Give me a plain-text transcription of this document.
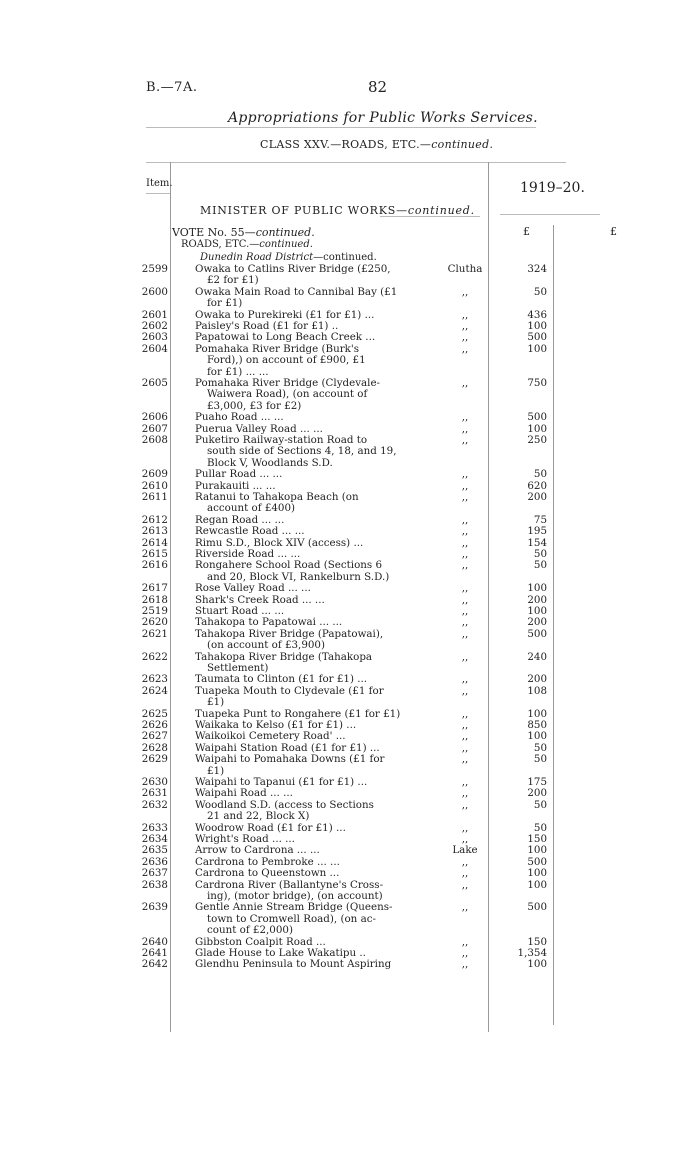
B.—7A.	82
Appropriations for Public Works Services.
CLASS XXV.—ROADS, ETC.—continued.
Item.	1919–20.
MINISTER OF PUBLIC WORKS—continued.
£	£
VOTE No. 55—continued.
ROADS, ETC.—continued.
Dunedin Road District—continued.
2599	Owaka to Catlins River Bridge (£250,
£2 for £1)
Clutha	324
2600	Owaka Main Road to Cannibal Bay (£1
for £1)
,,	50
2601	Owaka to Purekireki (£1 for £1) ...	,,	436
2602	Paisley's Road (£1 for £1) ..	,,	100
2603	Papatowai to Long Beach Creek ...	,,	500
2604	Pomahaka River Bridge (Burk's
Ford),) on account of £900, £1
for £1) ... ...
,,	100
2605	Pomahaka River Bridge (Clydevale-
Waiwera Road), (on account of
£3,000, £3 for £2)
,,	750
2606	Puaho Road ... ...	,,	500
2607	Puerua Valley Road ... ...	,,	100
2608	Puketiro Railway-station Road to
south side of Sections 4, 18, and 19,
Block V, Woodlands S.D.
,,	250
2609	Pullar Road ... ...	,,	50
2610	Purakauiti ... ...	,,	620
2611	Ratanui to Tahakopa Beach (on
account of £400)
,,	200
2612	Regan Road ... ...	,,	75
2613	Rewcastle Road ... ...	,,	195
2614	Rimu S.D., Block XIV (access) ...	,,	154
2615	Riverside Road ... ...	,,	50
2616	Rongahere School Road (Sections 6
and 20, Block VI, Rankelburn S.D.)
,,	50
2617	Rose Valley Road ... ...	,,	100
2618	Shark's Creek Road ... ...	,,	200
2519	Stuart Road ... ...	,,	100
2620	Tahakopa to Papatowai ... ...	,,	200
2621	Tahakopa River Bridge (Papatowai),
(on account of £3,900)
,,	500
2622	Tahakopa River Bridge (Tahakopa
Settlement)
,,	240
2623	Taumata to Clinton (£1 for £1) ...	,,	200
2624	Tuapeka Mouth to Clydevale (£1 for
£1)
,,	108
2625	Tuapeka Punt to Rongahere (£1 for £1)	,,	100
2626	Waikaka to Kelso (£1 for £1) ...	,,	850
2627	Waikoikoi Cemetery Road' ...	,,	100
2628	Waipahi Station Road (£1 for £1) ...	,,	50
2629	Waipahi to Pomahaka Downs (£1 for
£1)
,,	50
2630	Waipahi to Tapanui (£1 for £1) ...	,,	175
2631	Waipahi Road ... ...	,,	200
2632	Woodland S.D. (access to Sections
21 and 22, Block X)
,,	50
2633	Woodrow Road (£1 for £1) ...	,,	50
2634	Wright's Road ... ...	,,	150
2635	Arrow to Cardrona ... ...	Lake	100
2636	Cardrona to Pembroke ... ...	,,	500
2637	Cardrona to Queenstown ...	,,	100
2638	Cardrona River (Ballantyne's Cross-
ing), (motor bridge), (on account)
,,	100
2639	Gentle Annie Stream Bridge (Queens-
town to Cromwell Road), (on ac-
count of £2,000)
,,	500
2640	Gibbston Coalpit Road ...	,,	150
2641	Glade House to Lake Wakatipu ..	,,	1,354
2642	Glendhu Peninsula to Mount Aspiring	,,	100
